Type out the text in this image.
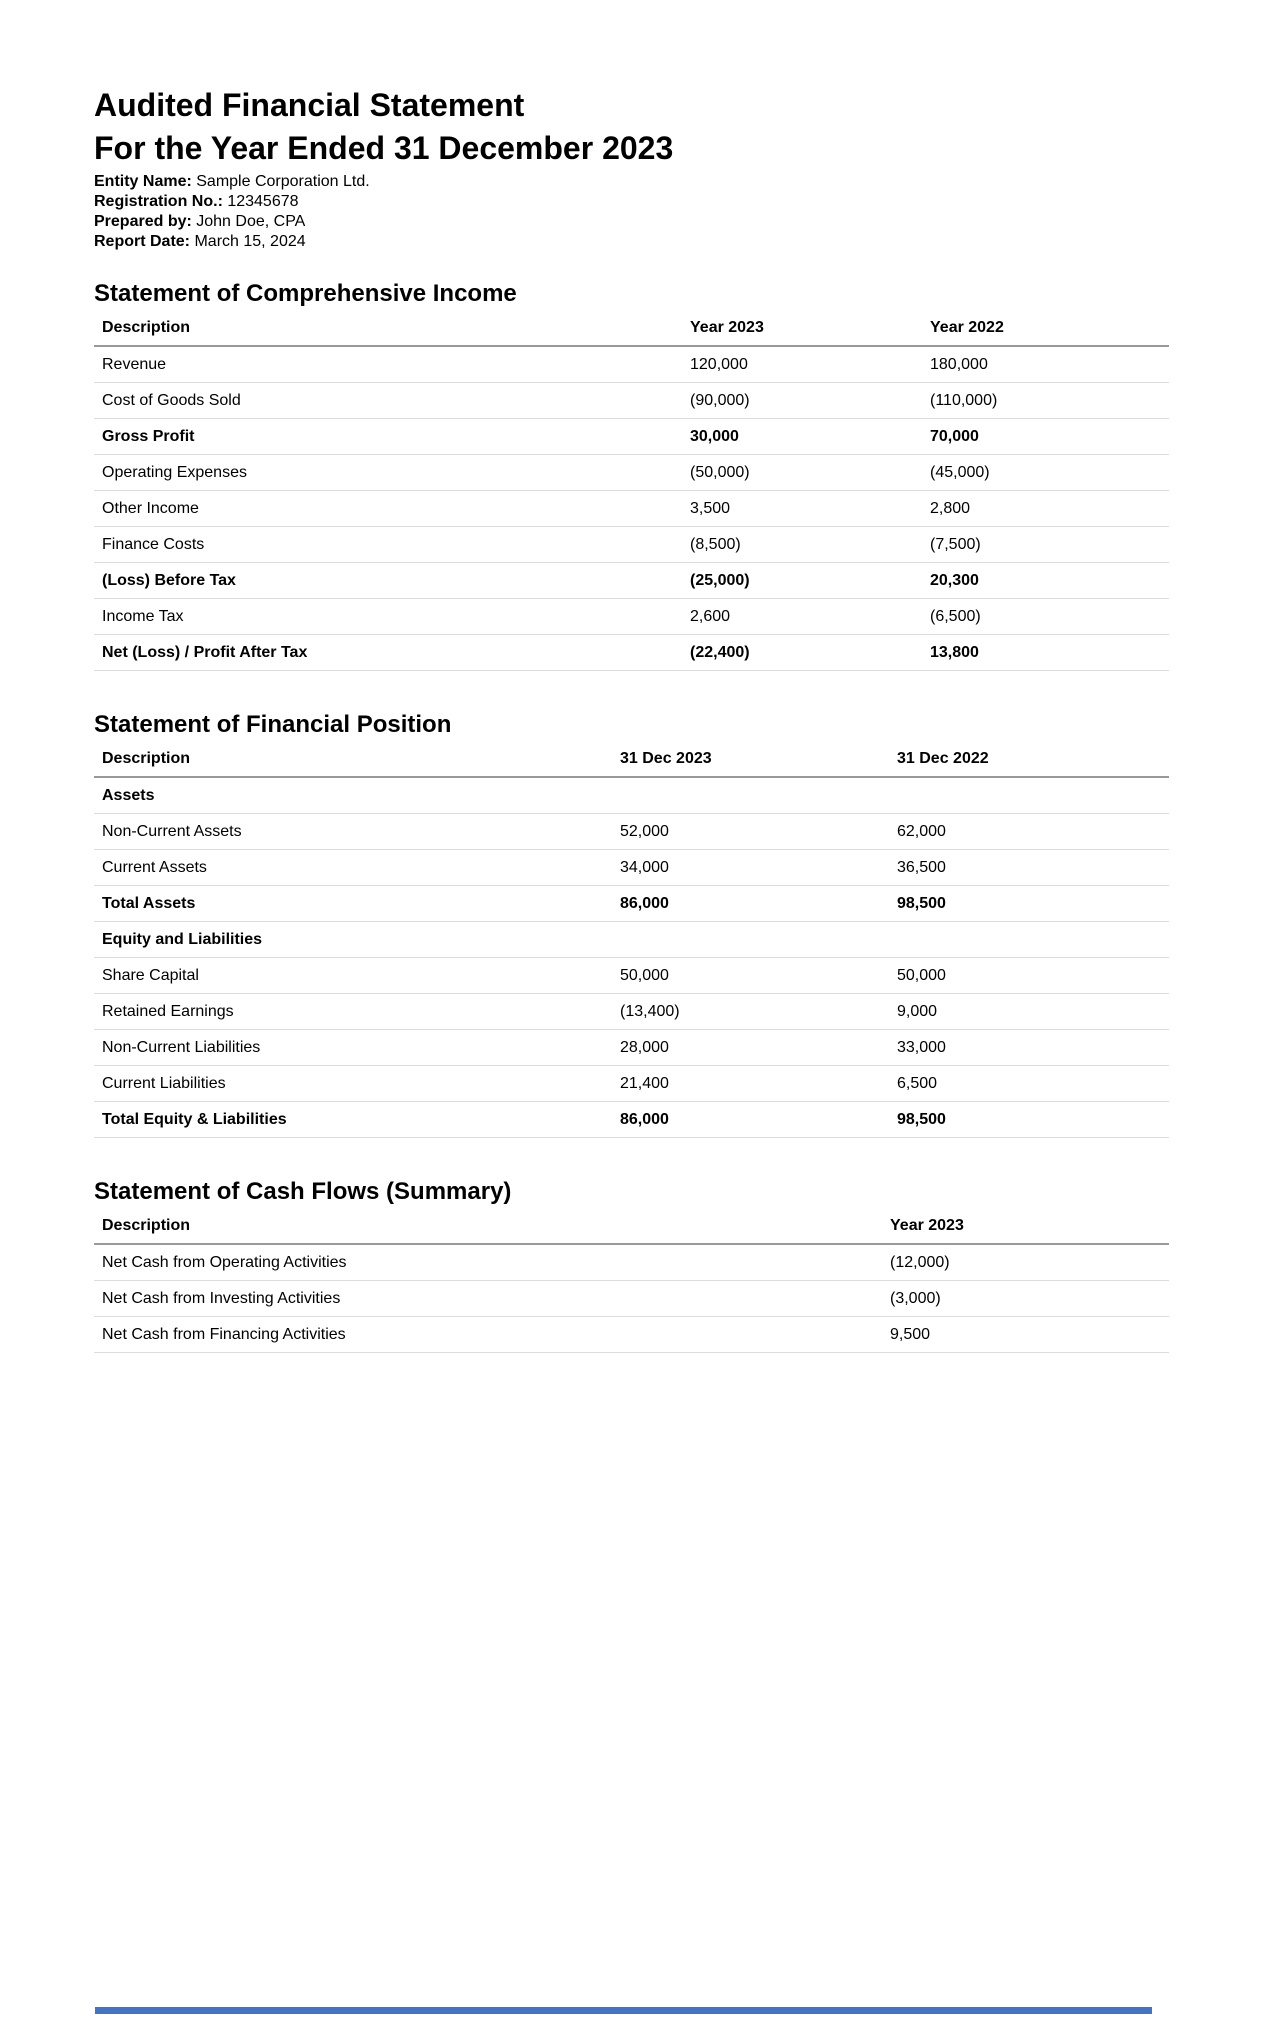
Audited Financial Statement
For the Year Ended 31 December 2023

Entity Name: Sample Corporation Ltd.

Registration No.: 12345678

Prepared by: John Doe, CPA

Report Date: March 15, 2024

Statement of Comprehensive Income
Description	Year 2023	Year 2022
Revenue	120,000	180,000
Cost of Goods Sold	(90,000)	(110,000)
Gross Profit	30,000	70,000
Operating Expenses	(50,000)	(45,000)
Other Income	3,500	2,800
Finance Costs	(8,500)	(7,500)
(Loss) Before Tax	(25,000)	20,300
Income Tax	2,600	(6,500)
Net (Loss) / Profit After Tax	(22,400)	13,800
Statement of Financial Position
Description	31 Dec 2023	31 Dec 2022
Assets		
Non-Current Assets	52,000	62,000
Current Assets	34,000	36,500
Total Assets	86,000	98,500
Equity and Liabilities		
Share Capital	50,000	50,000
Retained Earnings	(13,400)	9,000
Non-Current Liabilities	28,000	33,000
Current Liabilities	21,400	6,500
Total Equity & Liabilities	86,000	98,500
Statement of Cash Flows (Summary)
Description	Year 2023
Net Cash from Operating Activities	(12,000)
Net Cash from Investing Activities	(3,000)
Net Cash from Financing Activities	9,500
